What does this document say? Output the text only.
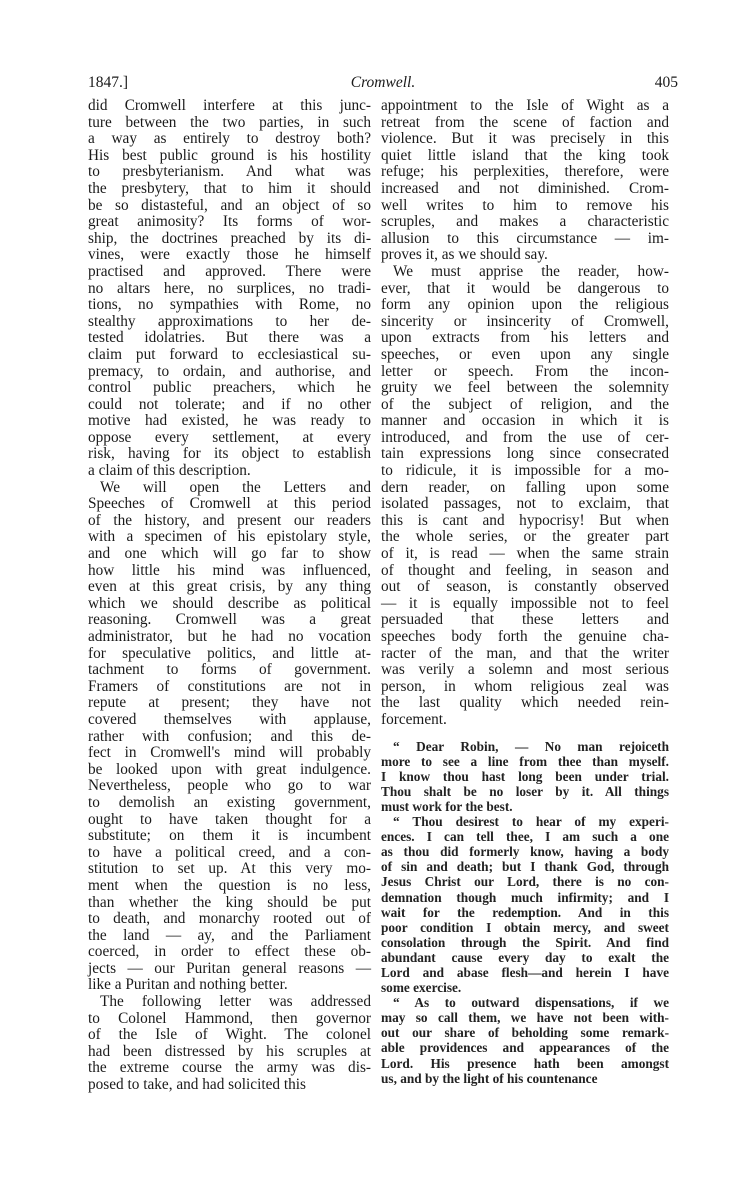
1847.]	Cromwell.	405
did Cromwell interfere at this junc-
ture between the two parties, in such
a way as entirely to destroy both?
His best public ground is his hostility
to presbyterianism. And what was
the presbytery, that to him it should
be so distasteful, and an object of so
great animosity? Its forms of wor-
ship, the doctrines preached by its di-
vines, were exactly those he himself
practised and approved. There were
no altars here, no surplices, no tradi-
tions, no sympathies with Rome, no
stealthy approximations to her de-
tested idolatries. But there was a
claim put forward to ecclesiastical su-
premacy, to ordain, and authorise, and
control public preachers, which he
could not tolerate; and if no other
motive had existed, he was ready to
oppose every settlement, at every
risk, having for its object to establish
a claim of this description.
We will open the Letters and
Speeches of Cromwell at this period
of the history, and present our readers
with a specimen of his epistolary style,
and one which will go far to show
how little his mind was influenced,
even at this great crisis, by any thing
which we should describe as political
reasoning. Cromwell was a great
administrator, but he had no vocation
for speculative politics, and little at-
tachment to forms of government.
Framers of constitutions are not in
repute at present; they have not
covered themselves with applause,
rather with confusion; and this de-
fect in Cromwell's mind will probably
be looked upon with great indulgence.
Nevertheless, people who go to war
to demolish an existing government,
ought to have taken thought for a
substitute; on them it is incumbent
to have a political creed, and a con-
stitution to set up. At this very mo-
ment when the question is no less,
than whether the king should be put
to death, and monarchy rooted out of
the land — ay, and the Parliament
coerced, in order to effect these ob-
jects — our Puritan general reasons —
like a Puritan and nothing better.
The following letter was addressed
to Colonel Hammond, then governor
of the Isle of Wight. The colonel
had been distressed by his scruples at
the extreme course the army was dis-
posed to take, and had solicited this
appointment to the Isle of Wight as a
retreat from the scene of faction and
violence. But it was precisely in this
quiet little island that the king took
refuge; his perplexities, therefore, were
increased and not diminished. Crom-
well writes to him to remove his
scruples, and makes a characteristic
allusion to this circumstance — im-
proves it, as we should say.
We must apprise the reader, how-
ever, that it would be dangerous to
form any opinion upon the religious
sincerity or insincerity of Cromwell,
upon extracts from his letters and
speeches, or even upon any single
letter or speech. From the incon-
gruity we feel between the solemnity
of the subject of religion, and the
manner and occasion in which it is
introduced, and from the use of cer-
tain expressions long since consecrated
to ridicule, it is impossible for a mo-
dern reader, on falling upon some
isolated passages, not to exclaim, that
this is cant and hypocrisy! But when
the whole series, or the greater part
of it, is read — when the same strain
of thought and feeling, in season and
out of season, is constantly observed
— it is equally impossible not to feel
persuaded that these letters and
speeches body forth the genuine cha-
racter of the man, and that the writer
was verily a solemn and most serious
person, in whom religious zeal was
the last quality which needed rein-
forcement.
“ Dear Robin, — No man rejoiceth
more to see a line from thee than myself.
I know thou hast long been under trial.
Thou shalt be no loser by it. All things
must work for the best.
“ Thou desirest to hear of my experi-
ences. I can tell thee, I am such a one
as thou did formerly know, having a body
of sin and death; but I thank God, through
Jesus Christ our Lord, there is no con-
demnation though much infirmity; and I
wait for the redemption. And in this
poor condition I obtain mercy, and sweet
consolation through the Spirit. And find
abundant cause every day to exalt the
Lord and abase flesh—and herein I have
some exercise.
“ As to outward dispensations, if we
may so call them, we have not been with-
out our share of beholding some remark-
able providences and appearances of the
Lord. His presence hath been amongst
us, and by the light of his countenance
